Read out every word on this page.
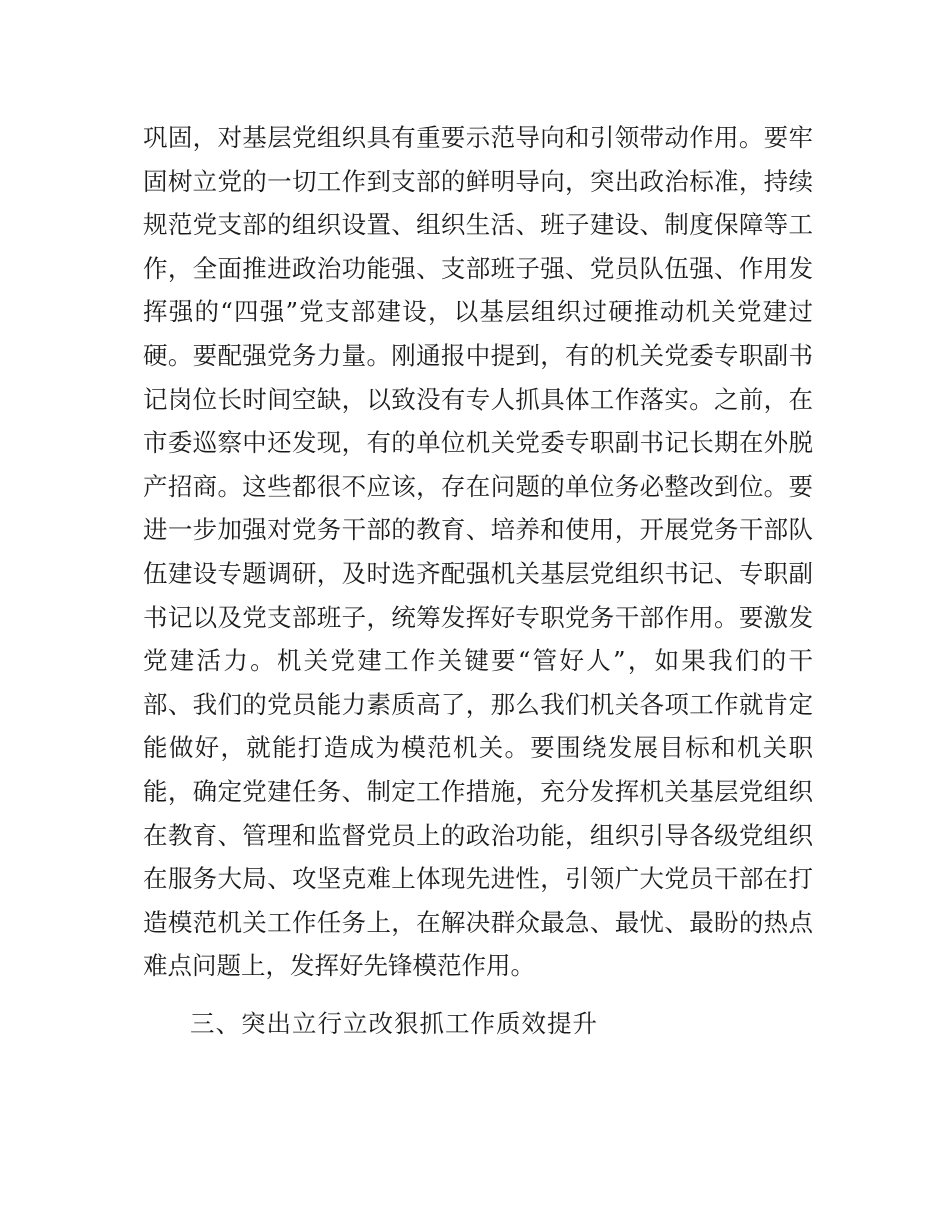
巩固，对基层党组织具有重要示范导向和引领带动作用。要牢
固树立党的一切工作到支部的鲜明导向，突出政治标准，持续
规范党支部的组织设置、组织生活、班子建设、制度保障等工
作，全面推进政治功能强、支部班子强、党员队伍强、作用发
挥强的“四强”党支部建设，以基层组织过硬推动机关党建过
硬。要配强党务力量。刚通报中提到，有的机关党委专职副书
记岗位长时间空缺，以致没有专人抓具体工作落实。之前，在
市委巡察中还发现，有的单位机关党委专职副书记长期在外脱
产招商。这些都很不应该，存在问题的单位务必整改到位。要
进一步加强对党务干部的教育、培养和使用，开展党务干部队
伍建设专题调研，及时选齐配强机关基层党组织书记、专职副
书记以及党支部班子，统筹发挥好专职党务干部作用。要激发
党建活力。机关党建工作关键要“管好人”，如果我们的干
部、我们的党员能力素质高了，那么我们机关各项工作就肯定
能做好，就能打造成为模范机关。要围绕发展目标和机关职
能，确定党建任务、制定工作措施，充分发挥机关基层党组织
在教育、管理和监督党员上的政治功能，组织引导各级党组织
在服务大局、攻坚克难上体现先进性，引领广大党员干部在打
造模范机关工作任务上，在解决群众最急、最忧、最盼的热点
难点问题上，发挥好先锋模范作用。
三、突出立行立改狠抓工作质效提升
